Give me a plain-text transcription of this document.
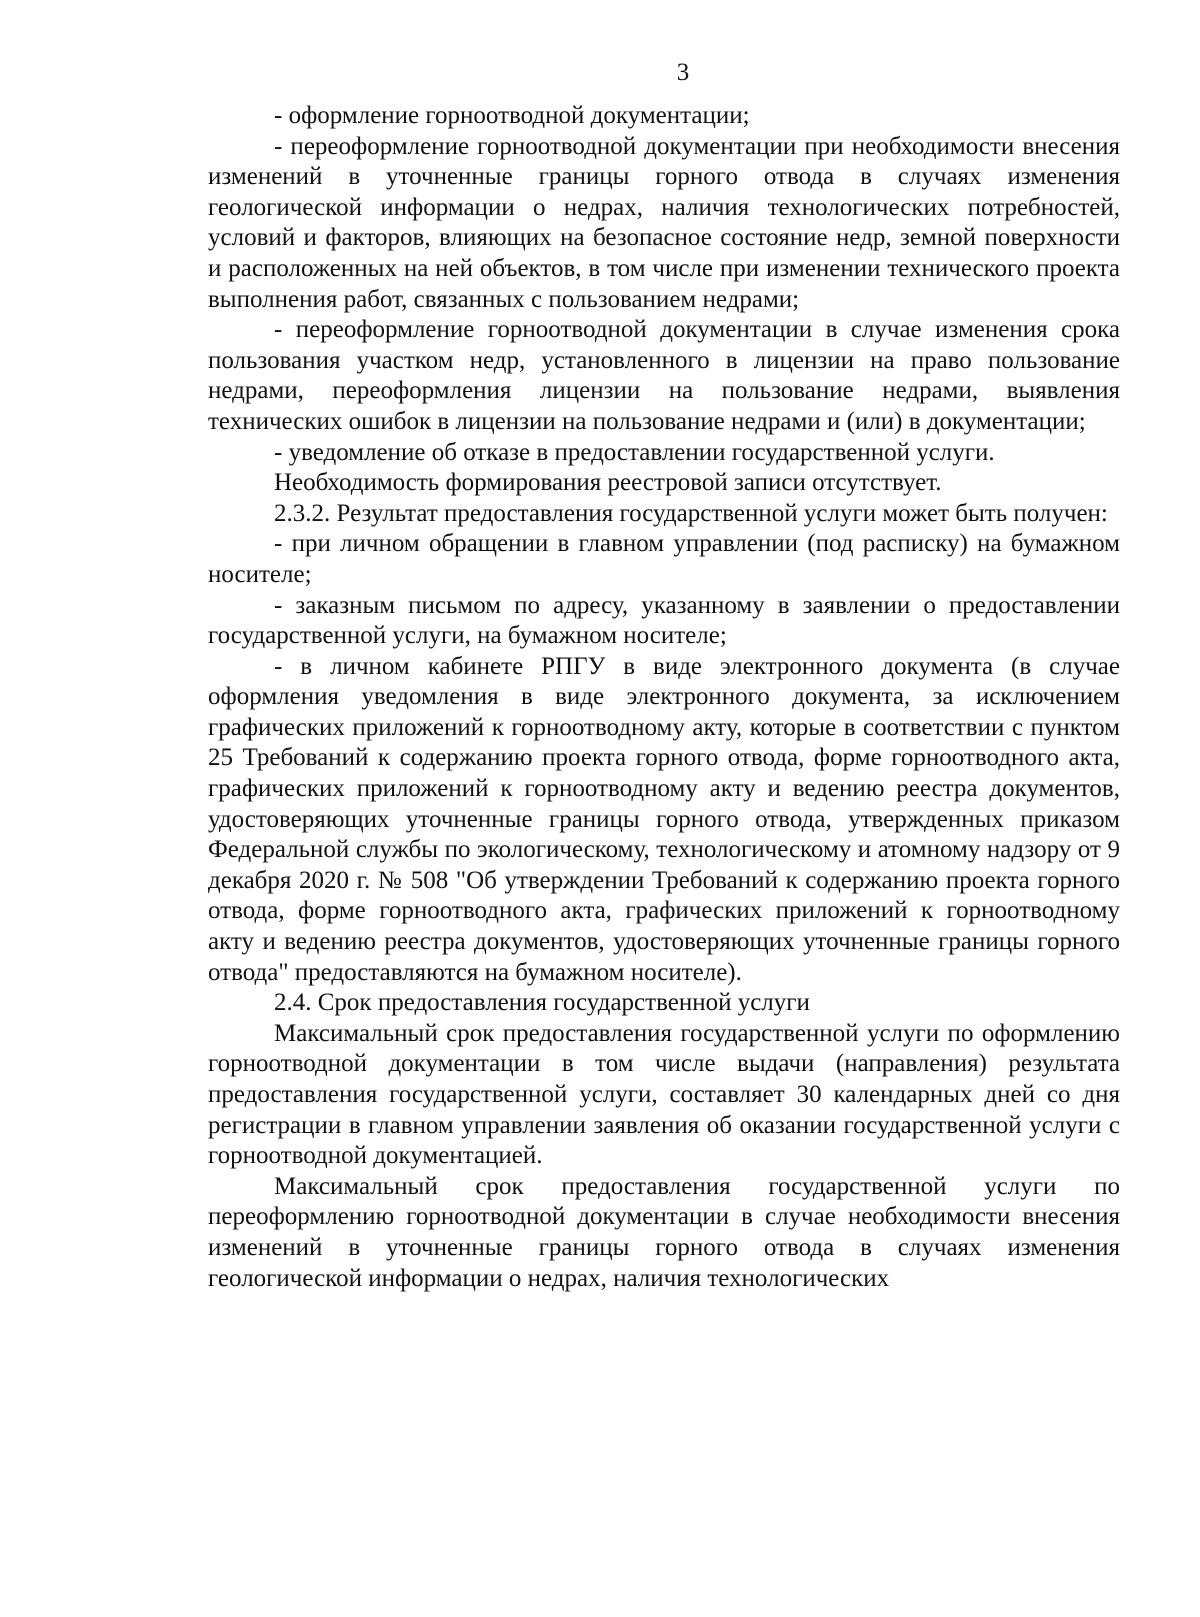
3

- оформление горноотводной документации;

- переоформление горноотводной документации при необходимости внесения изменений в уточненные границы горного отвода в случаях изменения геологической информации о недрах, наличия технологических потребностей, условий и факторов, влияющих на безопасное состояние недр, земной поверхности и расположенных на ней объектов, в том числе при изменении технического проекта выполнения работ, связанных с пользованием недрами;

- переоформление горноотводной документации в случае изменения срока пользования участком недр, установленного в лицензии на право пользование недрами, переоформления лицензии на пользование недрами, выявления технических ошибок в лицензии на пользование недрами и (или) в документации;

- уведомление об отказе в предоставлении государственной услуги.

Необходимость формирования реестровой записи отсутствует.

2.3.2. Результат предоставления государственной услуги может быть получен:

- при личном обращении в главном управлении (под расписку) на бумажном носителе;

- заказным письмом по адресу, указанному в заявлении о предоставлении государственной услуги, на бумажном носителе;

- в личном кабинете РПГУ в виде электронного документа (в случае оформления уведомления в виде электронного документа, за исключением графических приложений к горноотводному акту, которые в соответствии с пунктом 25 Требований к содержанию проекта горного отвода, форме горноотводного акта, графических приложений к горноотводному акту и ведению реестра документов, удостоверяющих уточненные границы горного отвода, утвержденных приказом Федеральной службы по экологическому, технологическому и атомному надзору от 9 декабря 2020 г. № 508 "Об утверждении Требований к содержанию проекта горного отвода, форме горноотводного акта, графических приложений к горноотводному акту и ведению реестра документов, удостоверяющих уточненные границы горного отвода" предоставляются на бумажном носителе).

2.4. Срок предоставления государственной услуги

Максимальный срок предоставления государственной услуги по оформлению горноотводной документации в том числе выдачи (направления) результата предоставления государственной услуги, составляет 30 календарных дней со дня регистрации в главном управлении заявления об оказании государственной услуги с горноотводной документацией.

Максимальный срок предоставления государственной услуги по переоформлению горноотводной документации в случае необходимости внесения изменений в уточненные границы горного отвода в случаях изменения геологической информации о недрах, наличия технологических
